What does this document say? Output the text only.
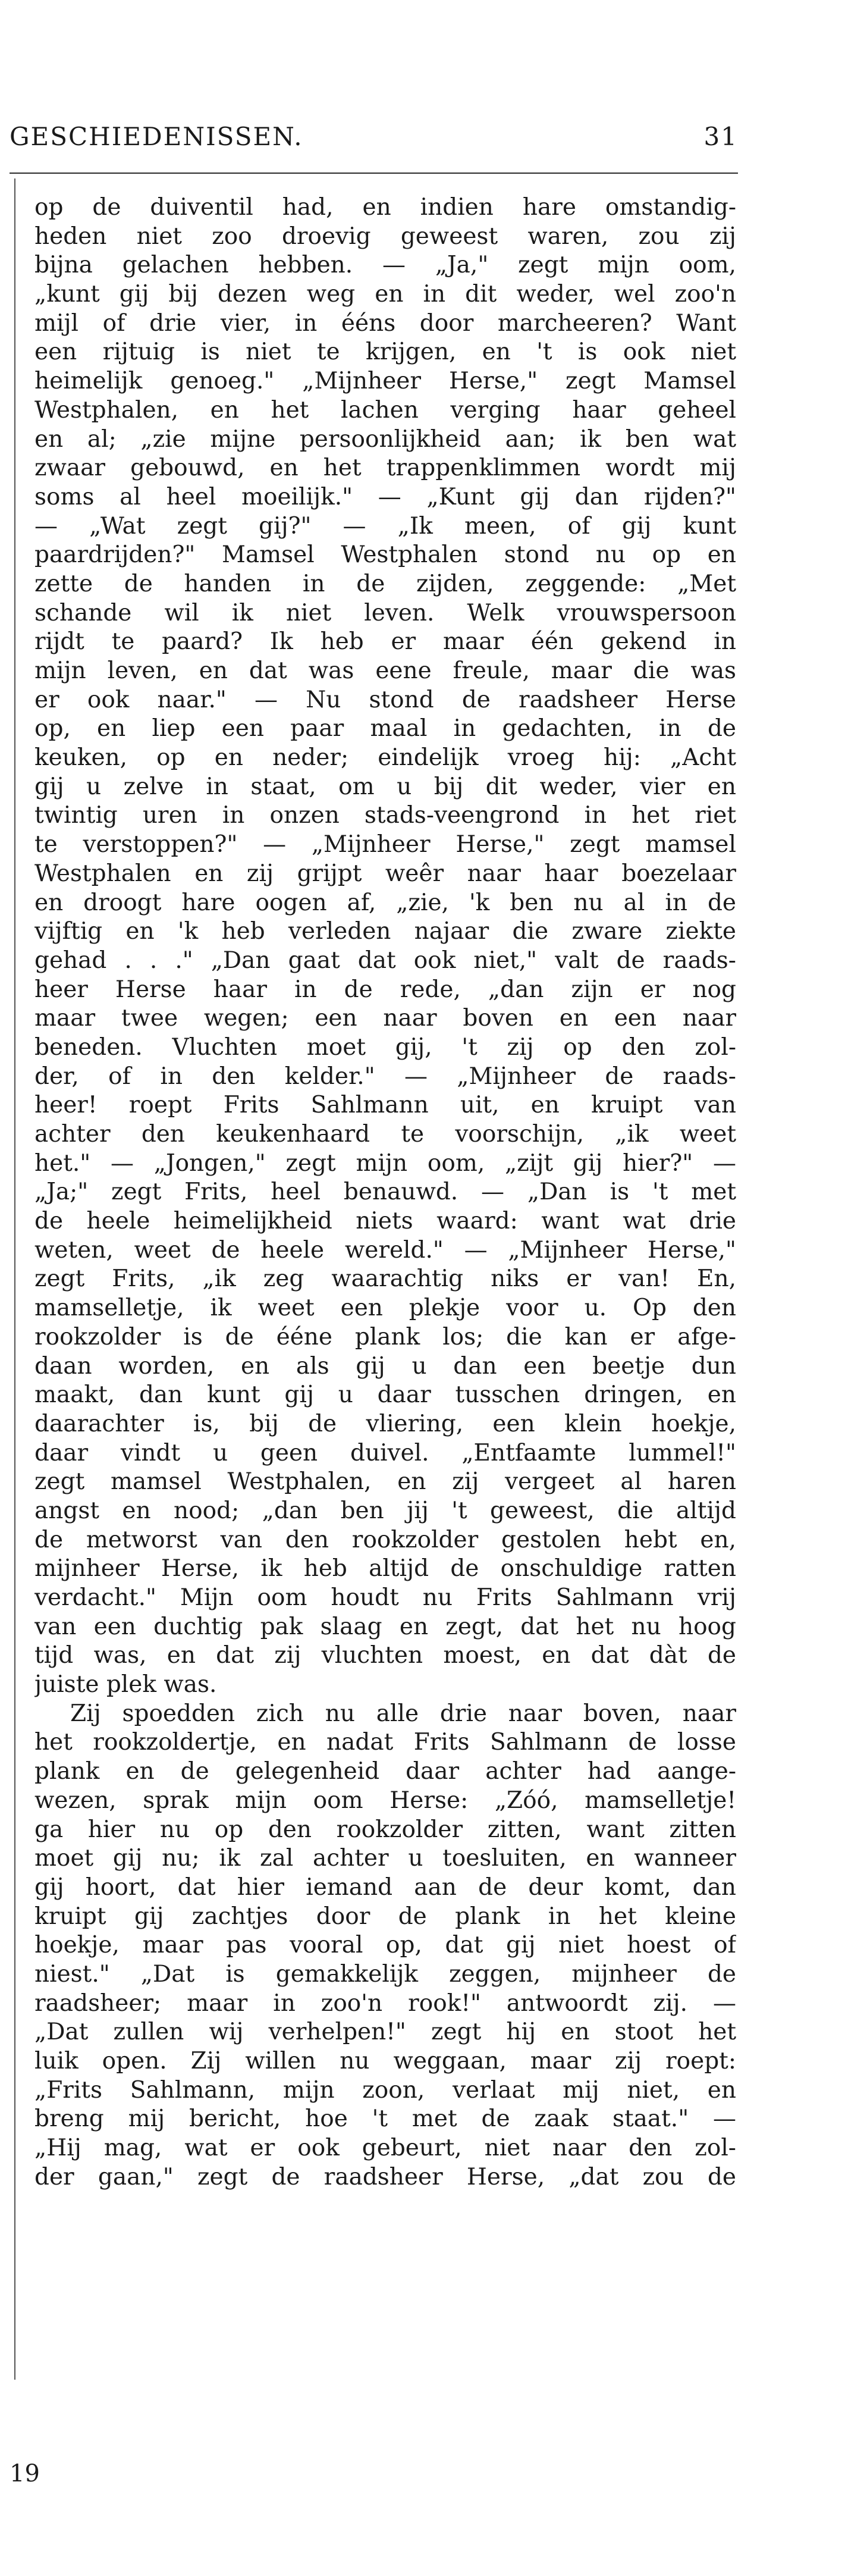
GESCHIEDENISSEN.	31
op de duiventil had, en indien hare omstandig-
heden niet zoo droevig geweest waren, zou zij
bijna gelachen hebben. — „Ja," zegt mijn oom,
„kunt gij bij dezen weg en in dit weder, wel zoo'n
mijl of drie vier, in ééns door marcheeren? Want
een rijtuig is niet te krijgen, en 't is ook niet
heimelijk genoeg." „Mijnheer Herse," zegt Mamsel
Westphalen, en het lachen verging haar geheel
en al; „zie mijne persoonlijkheid aan; ik ben wat
zwaar gebouwd, en het trappenklimmen wordt mij
soms al heel moeilijk." — „Kunt gij dan rijden?"
— „Wat zegt gij?" — „Ik meen, of gij kunt
paardrijden?" Mamsel Westphalen stond nu op en
zette de handen in de zijden, zeggende: „Met
schande wil ik niet leven. Welk vrouwspersoon
rijdt te paard? Ik heb er maar één gekend in
mijn leven, en dat was eene freule, maar die was
er ook naar." — Nu stond de raadsheer Herse
op, en liep een paar maal in gedachten, in de
keuken, op en neder; eindelijk vroeg hij: „Acht
gij u zelve in staat, om u bij dit weder, vier en
twintig uren in onzen stads-veengrond in het riet
te verstoppen?" — „Mijnheer Herse," zegt mamsel
Westphalen en zij grijpt weêr naar haar boezelaar
en droogt hare oogen af, „zie, 'k ben nu al in de
vijftig en 'k heb verleden najaar die zware ziekte
gehad . . ." „Dan gaat dat ook niet," valt de raads-
heer Herse haar in de rede, „dan zijn er nog
maar twee wegen; een naar boven en een naar
beneden. Vluchten moet gij, 't zij op den zol-
der, of in den kelder." — „Mijnheer de raads-
heer! roept Frits Sahlmann uit, en kruipt van
achter den keukenhaard te voorschijn, „ik weet
het." — „Jongen," zegt mijn oom, „zijt gij hier?" —
„Ja;" zegt Frits, heel benauwd. — „Dan is 't met
de heele heimelijkheid niets waard: want wat drie
weten, weet de heele wereld." — „Mijnheer Herse,"
zegt Frits, „ik zeg waarachtig niks er van! En,
mamselletje, ik weet een plekje voor u. Op den
rookzolder is de ééne plank los; die kan er afge-
daan worden, en als gij u dan een beetje dun
maakt, dan kunt gij u daar tusschen dringen, en
daarachter is, bij de vliering, een klein hoekje,
daar vindt u geen duivel. „Entfaamte lummel!"
zegt mamsel Westphalen, en zij vergeet al haren
angst en nood; „dan ben jij 't geweest, die altijd
de metworst van den rookzolder gestolen hebt en,
mijnheer Herse, ik heb altijd de onschuldige ratten
verdacht." Mijn oom houdt nu Frits Sahlmann vrij
van een duchtig pak slaag en zegt, dat het nu hoog
tijd was, en dat zij vluchten moest, en dat dàt de
juiste plek was.
Zij spoedden zich nu alle drie naar boven, naar
het rookzoldertje, en nadat Frits Sahlmann de losse
plank en de gelegenheid daar achter had aange-
wezen, sprak mijn oom Herse: „Zóó, mamselletje!
ga hier nu op den rookzolder zitten, want zitten
moet gij nu; ik zal achter u toesluiten, en wanneer
gij hoort, dat hier iemand aan de deur komt, dan
kruipt gij zachtjes door de plank in het kleine
hoekje, maar pas vooral op, dat gij niet hoest of
niest." „Dat is gemakkelijk zeggen, mijnheer de
raadsheer; maar in zoo'n rook!" antwoordt zij. —
„Dat zullen wij verhelpen!" zegt hij en stoot het
luik open. Zij willen nu weggaan, maar zij roept:
„Frits Sahlmann, mijn zoon, verlaat mij niet, en
breng mij bericht, hoe 't met de zaak staat." —
„Hij mag, wat er ook gebeurt, niet naar den zol-
der gaan," zegt de raadsheer Herse, „dat zou de
19
